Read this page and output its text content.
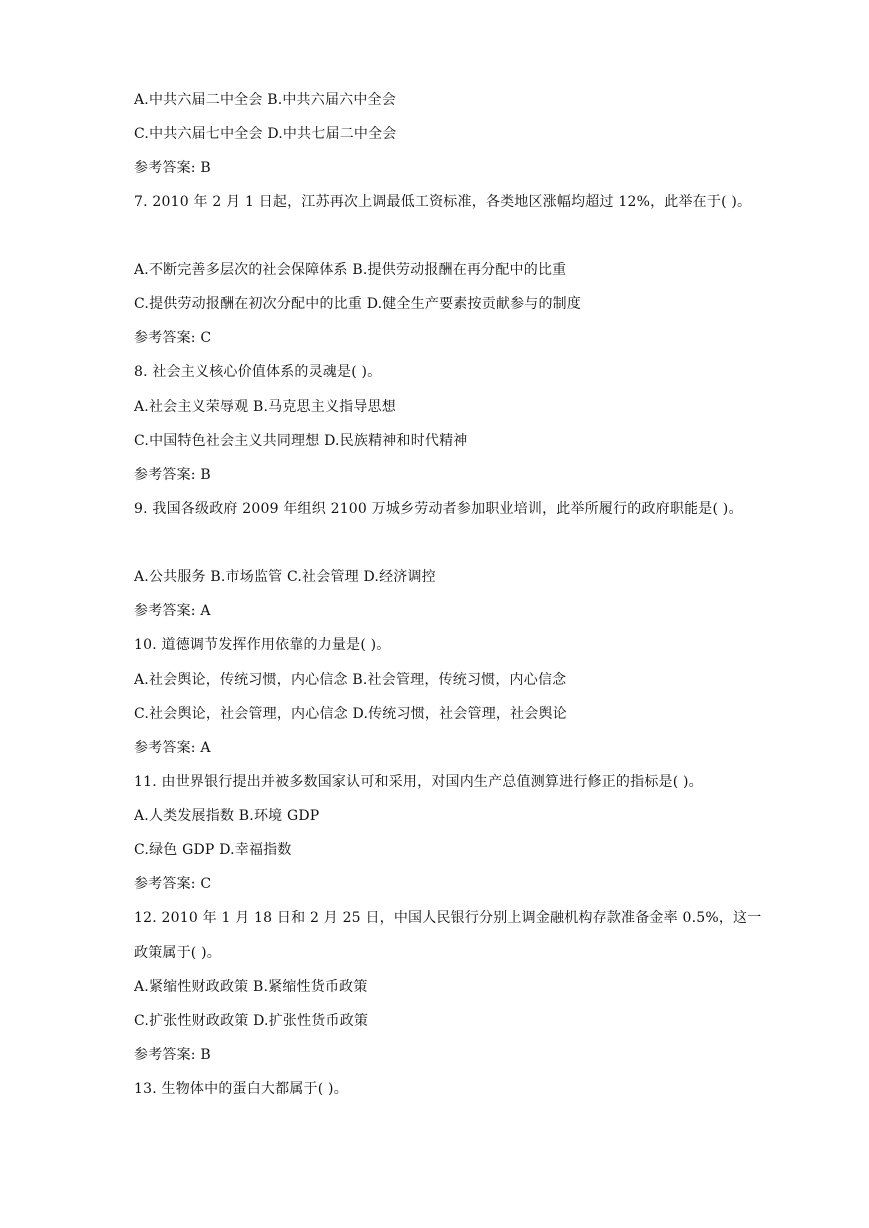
A.中共六届二中全会 B.中共六届六中全会
C.中共六届七中全会 D.中共七届二中全会
参考答案: B
7. 2010 年 2 月 1 日起，江苏再次上调最低工资标准，各类地区涨幅均超过 12%，此举在于( )。
A.不断完善多层次的社会保障体系 B.提供劳动报酬在再分配中的比重
C.提供劳动报酬在初次分配中的比重 D.健全生产要素按贡献参与的制度
参考答案: C
8. 社会主义核心价值体系的灵魂是( )。
A.社会主义荣辱观 B.马克思主义指导思想
C.中国特色社会主义共同理想 D.民族精神和时代精神
参考答案: B
9. 我国各级政府 2009 年组织 2100 万城乡劳动者参加职业培训，此举所履行的政府职能是( )。
A.公共服务 B.市场监管 C.社会管理 D.经济调控
参考答案: A
10. 道德调节发挥作用依靠的力量是( )。
A.社会舆论，传统习惯，内心信念 B.社会管理，传统习惯，内心信念
C.社会舆论，社会管理，内心信念 D.传统习惯，社会管理，社会舆论
参考答案: A
11. 由世界银行提出并被多数国家认可和采用，对国内生产总值测算进行修正的指标是( )。
A.人类发展指数 B.环境 GDP
C.绿色 GDP D.幸福指数
参考答案: C
12. 2010 年 1 月 18 日和 2 月 25 日，中国人民银行分别上调金融机构存款准备金率 0.5%，这一
政策属于( )。
A.紧缩性财政政策 B.紧缩性货币政策
C.扩张性财政政策 D.扩张性货币政策
参考答案: B
13. 生物体中的蛋白大都属于( )。
